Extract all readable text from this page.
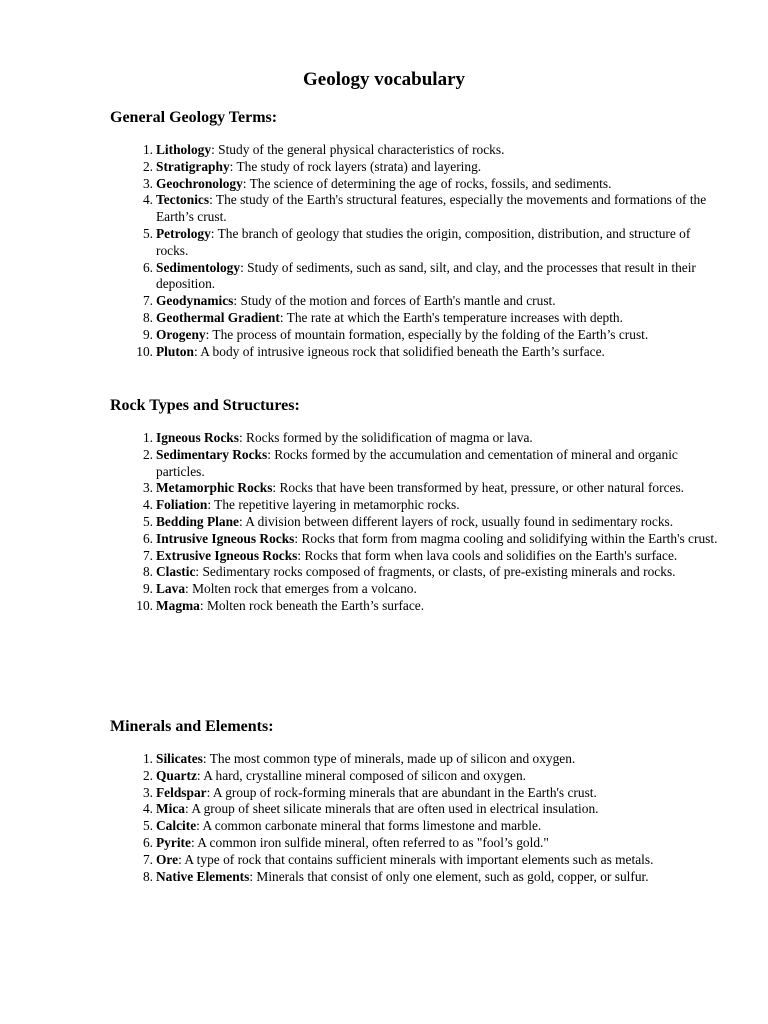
Geology vocabulary
General Geology Terms:
1. Lithology: Study of the general physical characteristics of rocks.
2. Stratigraphy: The study of rock layers (strata) and layering.
3. Geochronology: The science of determining the age of rocks, fossils, and sediments.
4. Tectonics: The study of the Earth's structural features, especially the movements and formations of the Earth’s crust.
5. Petrology: The branch of geology that studies the origin, composition, distribution, and structure of rocks.
6. Sedimentology: Study of sediments, such as sand, silt, and clay, and the processes that result in their deposition.
7. Geodynamics: Study of the motion and forces of Earth's mantle and crust.
8. Geothermal Gradient: The rate at which the Earth's temperature increases with depth.
9. Orogeny: The process of mountain formation, especially by the folding of the Earth’s crust.
10. Pluton: A body of intrusive igneous rock that solidified beneath the Earth’s surface.
Rock Types and Structures:
1. Igneous Rocks: Rocks formed by the solidification of magma or lava.
2. Sedimentary Rocks: Rocks formed by the accumulation and cementation of mineral and organic particles.
3. Metamorphic Rocks: Rocks that have been transformed by heat, pressure, or other natural forces.
4. Foliation: The repetitive layering in metamorphic rocks.
5. Bedding Plane: A division between different layers of rock, usually found in sedimentary rocks.
6. Intrusive Igneous Rocks: Rocks that form from magma cooling and solidifying within the Earth's crust.
7. Extrusive Igneous Rocks: Rocks that form when lava cools and solidifies on the Earth's surface.
8. Clastic: Sedimentary rocks composed of fragments, or clasts, of pre-existing minerals and rocks.
9. Lava: Molten rock that emerges from a volcano.
10. Magma: Molten rock beneath the Earth’s surface.
Minerals and Elements:
1. Silicates: The most common type of minerals, made up of silicon and oxygen.
2. Quartz: A hard, crystalline mineral composed of silicon and oxygen.
3. Feldspar: A group of rock-forming minerals that are abundant in the Earth's crust.
4. Mica: A group of sheet silicate minerals that are often used in electrical insulation.
5. Calcite: A common carbonate mineral that forms limestone and marble.
6. Pyrite: A common iron sulfide mineral, often referred to as "fool’s gold."
7. Ore: A type of rock that contains sufficient minerals with important elements such as metals.
8. Native Elements: Minerals that consist of only one element, such as gold, copper, or sulfur.
